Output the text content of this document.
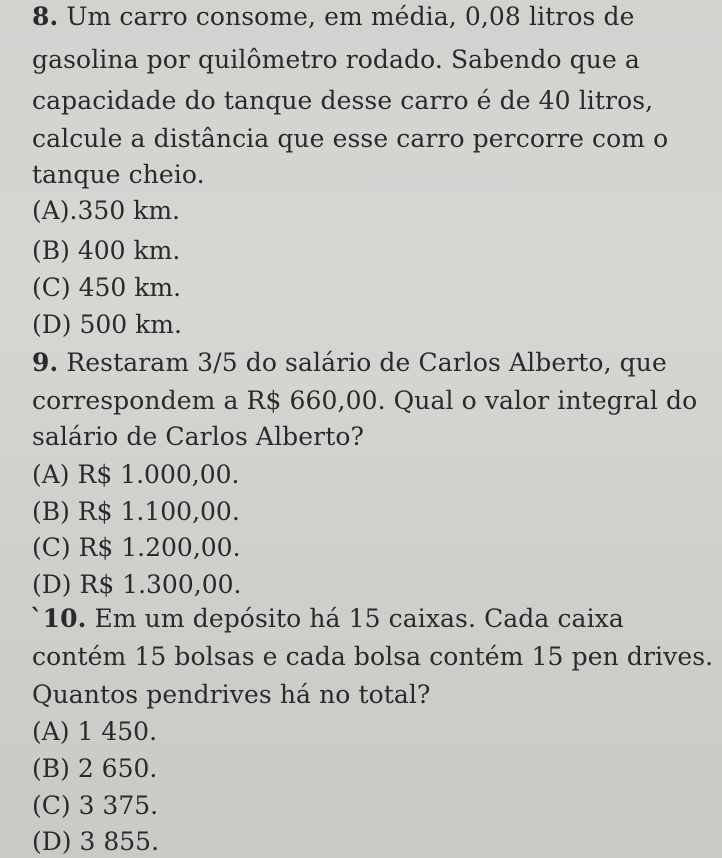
8. Um carro consome, em média, 0,08 litros de
gasolina por quilômetro rodado. Sabendo que a
capacidade do tanque desse carro é de 40 litros,
calcule a distância que esse carro percorre com o
tanque cheio.
(A).350 km.
(B) 400 km.
(C) 450 km.
(D) 500 km.
9. Restaram 3/5 do salário de Carlos Alberto, que
correspondem a R$ 660,00. Qual o valor integral do
salário de Carlos Alberto?
(A) R$ 1.000,00.
(B) R$ 1.100,00.
(C) R$ 1.200,00.
(D) R$ 1.300,00.
`10. Em um depósito há 15 caixas. Cada caixa
contém 15 bolsas e cada bolsa contém 15 pen drives.
Quantos pendrives há no total?
(A) 1 450.
(B) 2 650.
(C) 3 375.
(D) 3 855.
